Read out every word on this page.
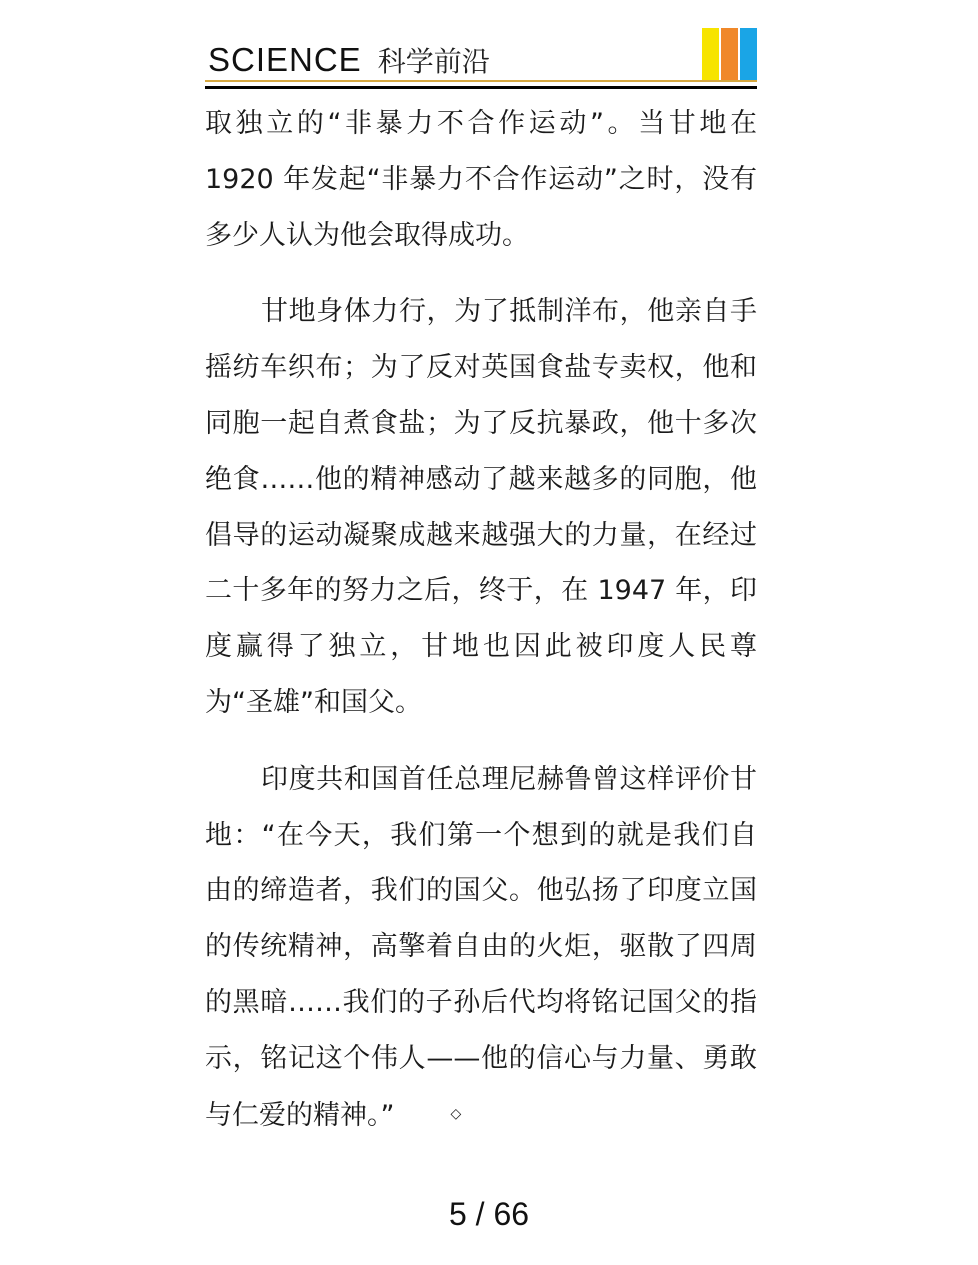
SCIENCE 科学前沿

取独立的“非暴力不合作运动”。当甘地在1920 年发起“非暴力不合作运动”之时，没有多少人认为他会取得成功。

甘地身体力行，为了抵制洋布，他亲自手摇纺车织布；为了反对英国食盐专卖权，他和同胞一起自煮食盐；为了反抗暴政，他十多次绝食……他的精神感动了越来越多的同胞，他倡导的运动凝聚成越来越强大的力量，在经过二十多年的努力之后，终于，在 1947 年，印度赢得了独立，甘地也因此被印度人民尊为“圣雄”和国父。

印度共和国首任总理尼赫鲁曾这样评价甘地：“在今天，我们第一个想到的就是我们自由的缔造者，我们的国父。他弘扬了印度立国的传统精神，高擎着自由的火炬，驱散了四周的黑暗……我们的子孙后代均将铭记国父的指示，铭记这个伟人——他的信心与力量、勇敢与仁爱的精神。”	◇

5 / 66
